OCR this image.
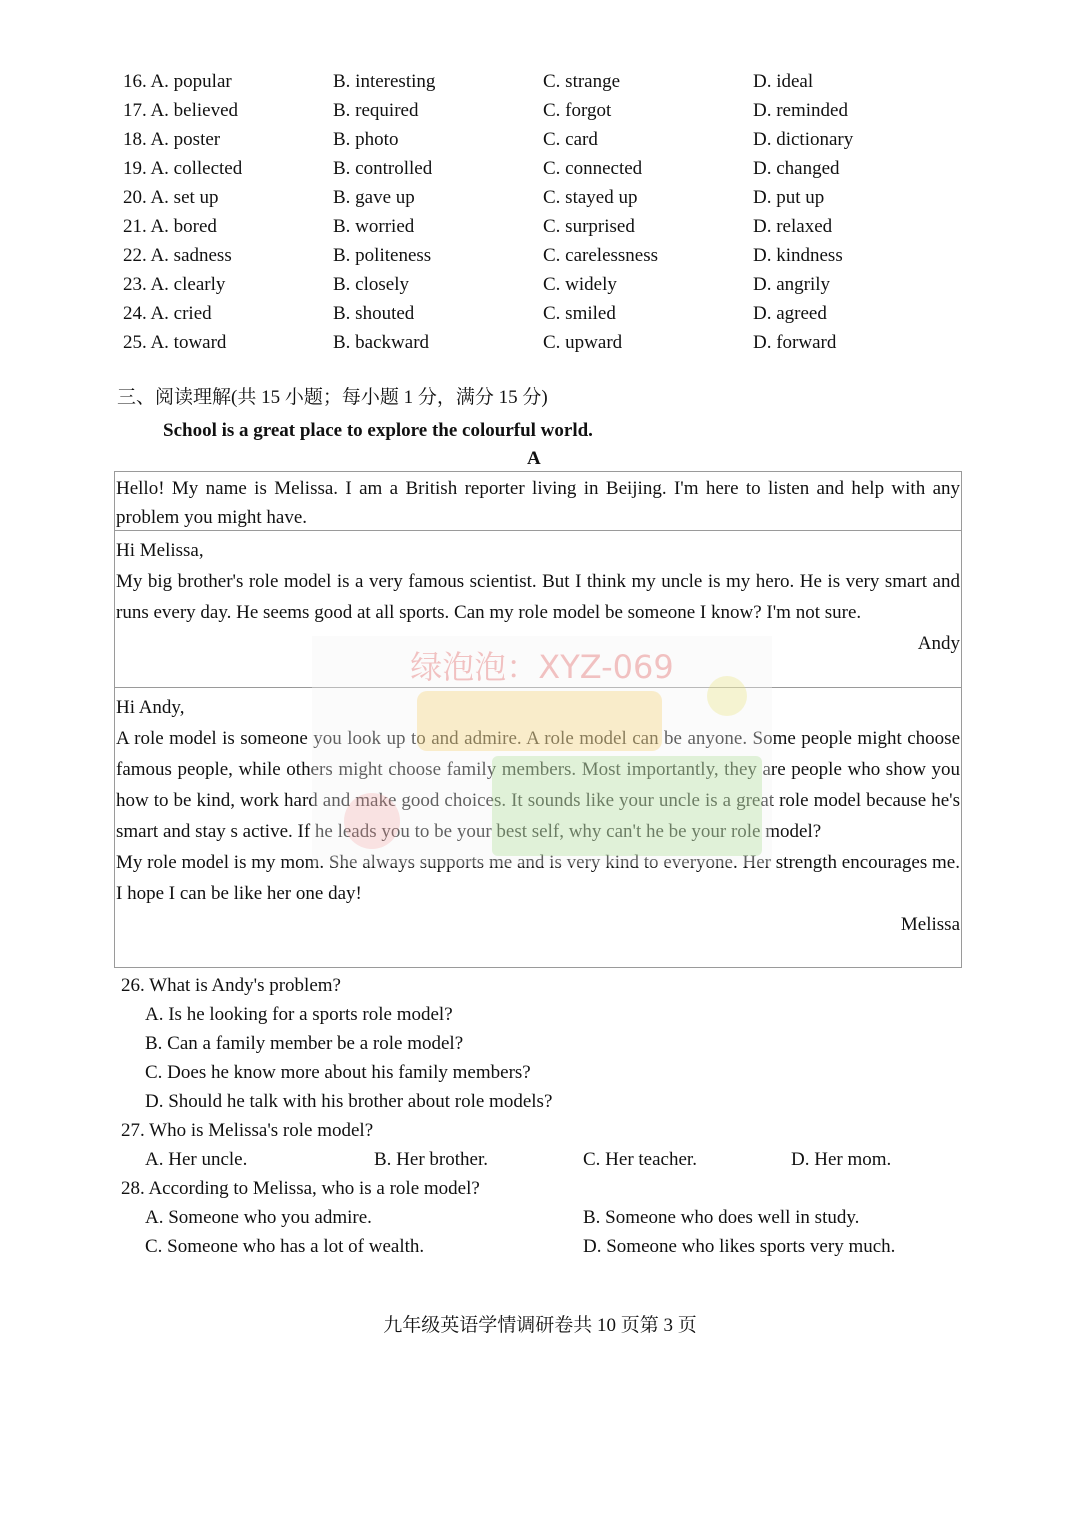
16. A. popular	B. interesting	C. strange	D. ideal
17. A. believed	B. required	C. forgot	D. reminded
18. A. poster	B. photo	C. card	D. dictionary
19. A. collected	B. controlled	C. connected	D. changed
20. A. set up	B. gave up	C. stayed up	D. put up
21. A. bored	B. worried	C. surprised	D. relaxed
22. A. sadness	B. politeness	C. carelessness	D. kindness
23. A. clearly	B. closely	C. widely	D. angrily
24. A. cried	B. shouted	C. smiled	D. agreed
25. A. toward	B. backward	C. upward	D. forward
三、阅读理解(共 15 小题；每小题 1 分，满分 15 分)
School is a great place to explore the colourful world.
A

Hello! My name is Melissa. I am a British reporter living in Beijing. I'm here to listen and help with any problem you might have.

Hi Melissa,

My big brother's role model is a very famous scientist. But I think my uncle is my hero. He is very smart and runs every day. He seems good at all sports. Can my role model be someone I know? I'm not sure.

Andy

Hi Andy,

A role model is someone you look up to and admire. A role model can be anyone. Some people might choose famous people, while others might choose family members. Most importantly, they are people who show you how to be kind, work hard and make good choices. It sounds like your uncle is a great role model because he's smart and stay s active. If he leads you to be your best self, why can't he be your role model?

My role model is my mom. She always supports me and is very kind to everyone. Her strength encourages me. I hope I can be like her one day!

Melissa

绿泡泡：XYZ-069
26. What is Andy's problem?
A. Is he looking for a sports role model?
B. Can a family member be a role model?
C. Does he know more about his family members?
D. Should he talk with his brother about role models?
27. Who is Melissa's role model?
A. Her uncle.	B. Her brother.	C. Her teacher.	D. Her mom.
28. According to Melissa, who is a role model?
A. Someone who you admire.	B. Someone who does well in study.
C. Someone who has a lot of wealth.	D. Someone who likes sports very much.
九年级英语学情调研卷共 10 页第 3 页
